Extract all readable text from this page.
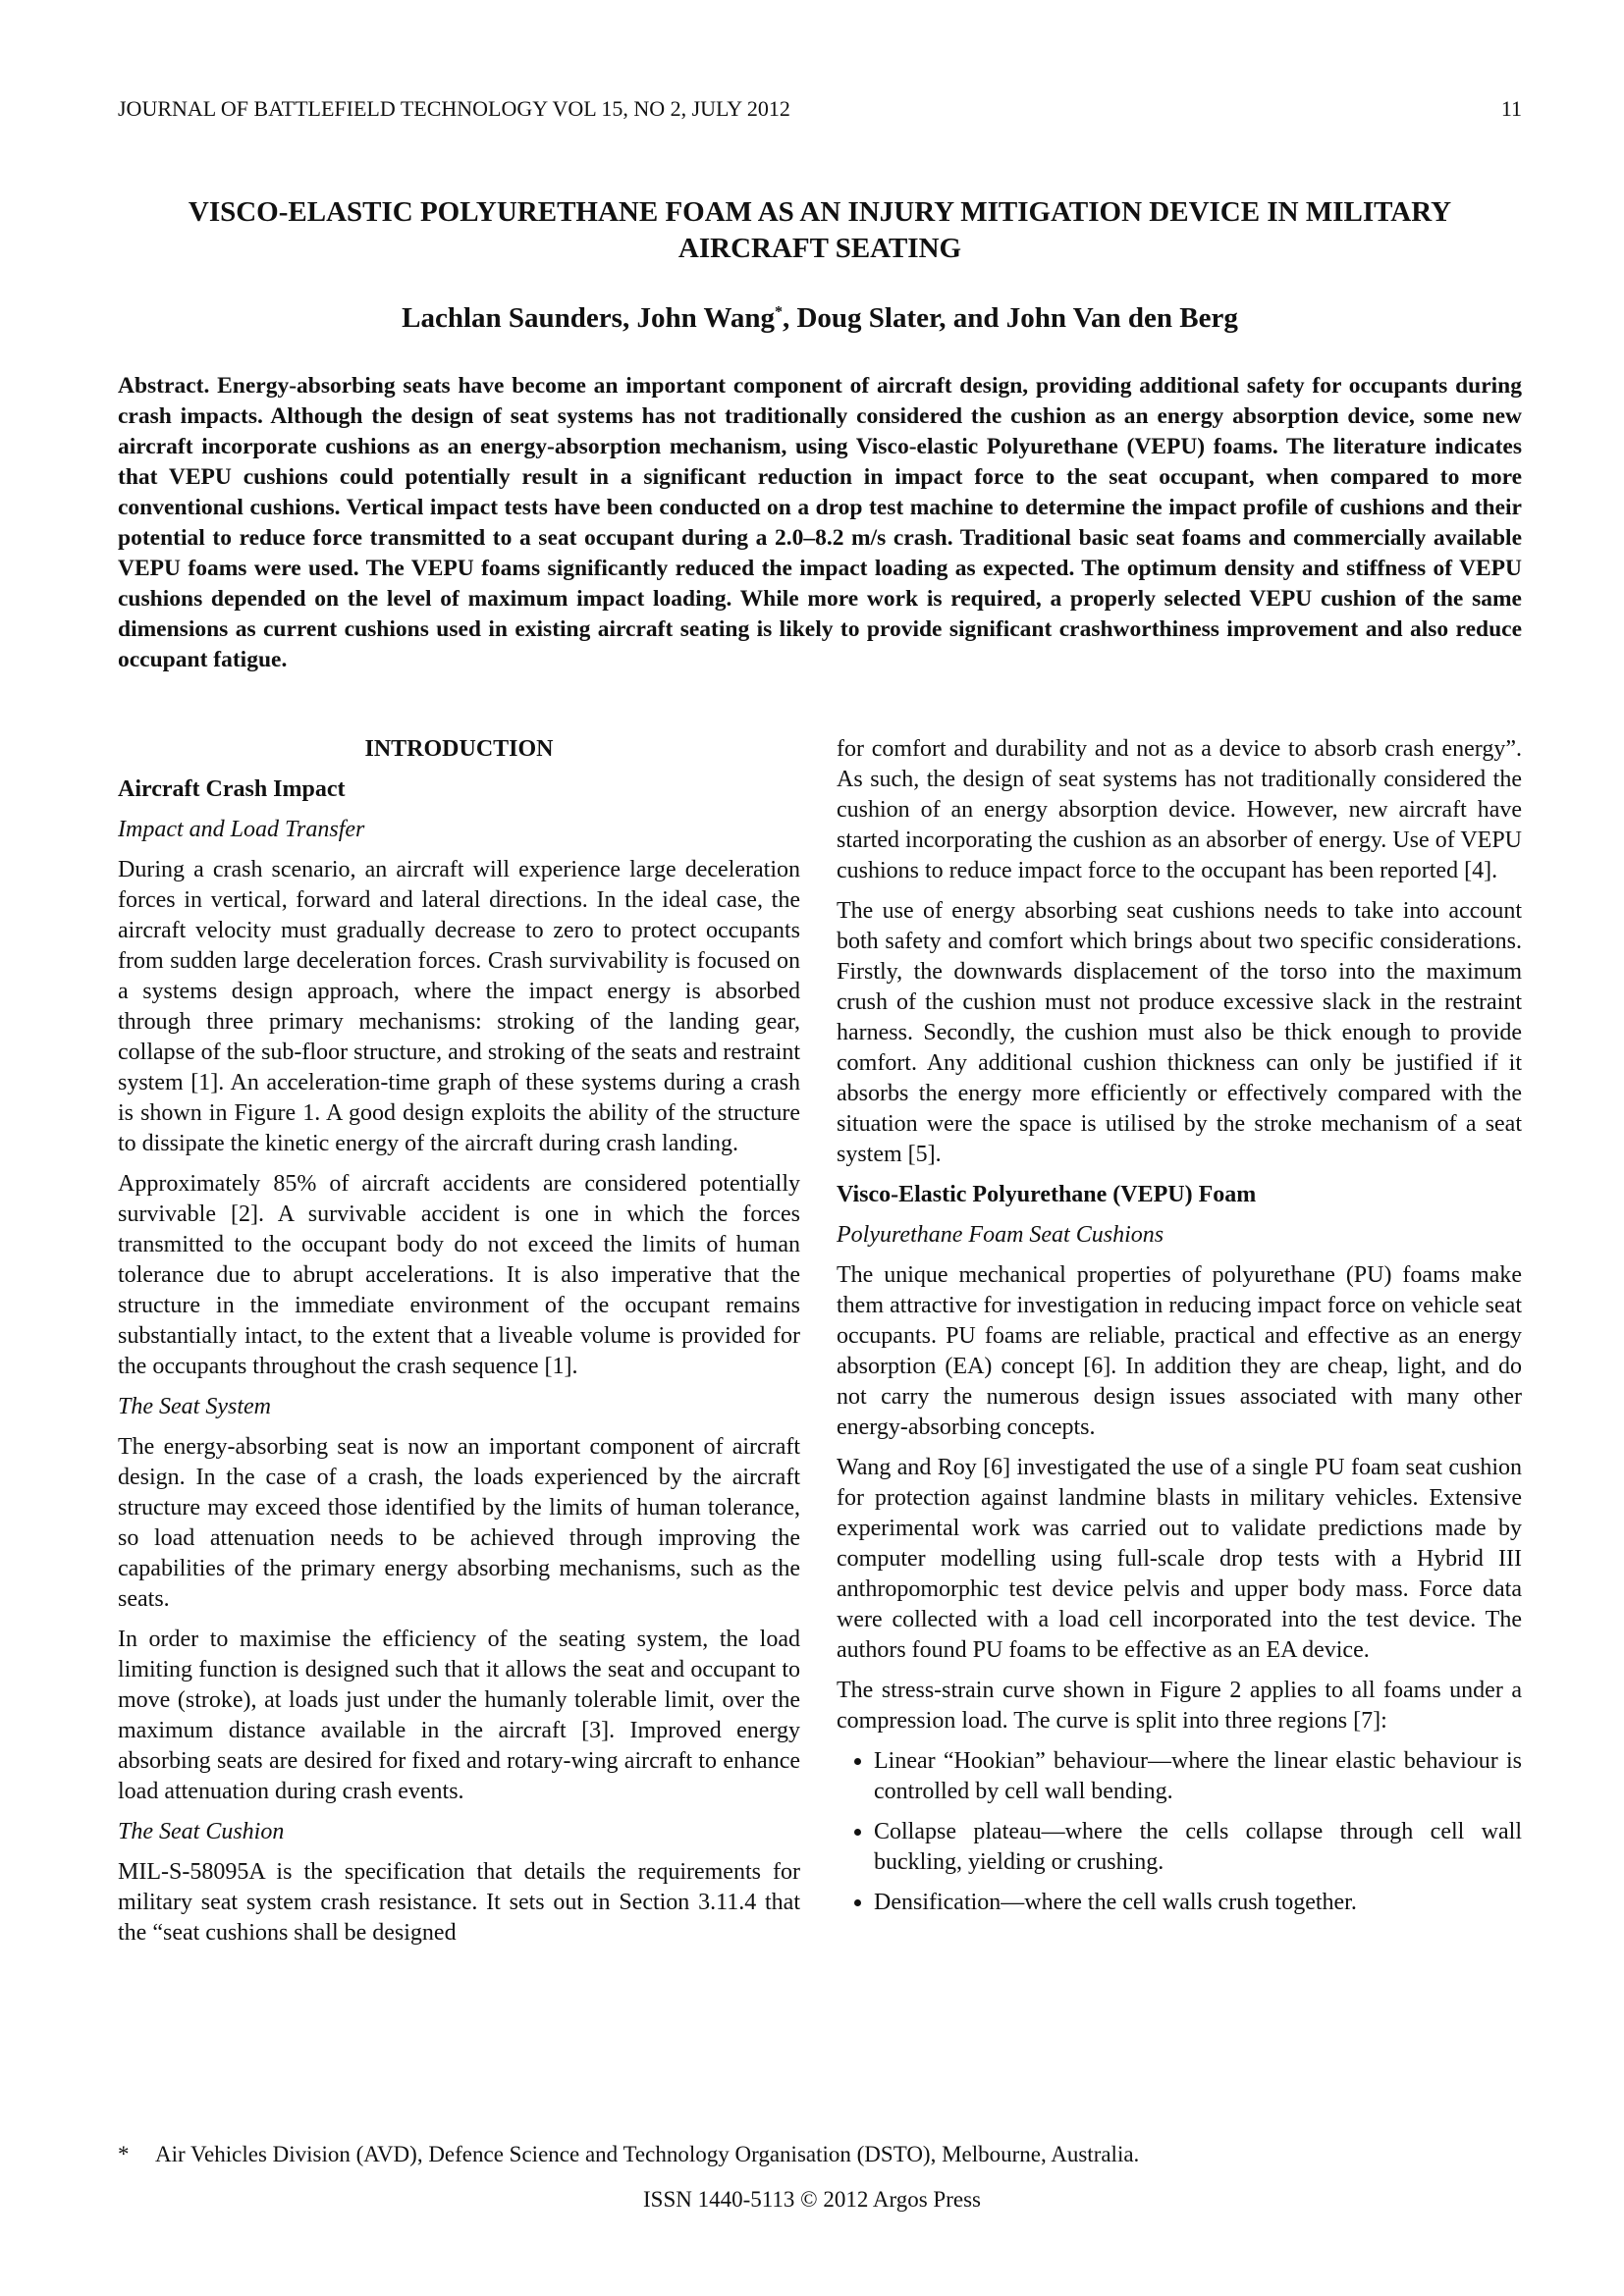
JOURNAL OF BATTLEFIELD TECHNOLOGY VOL 15, NO 2, JULY 2012	11
VISCO-ELASTIC POLYURETHANE FOAM AS AN INJURY MITIGATION DEVICE IN MILITARY AIRCRAFT SEATING
Lachlan Saunders, John Wang*, Doug Slater, and John Van den Berg
Abstract. Energy-absorbing seats have become an important component of aircraft design, providing additional safety for occupants during crash impacts. Although the design of seat systems has not traditionally considered the cushion as an energy absorption device, some new aircraft incorporate cushions as an energy-absorption mechanism, using Visco-elastic Polyurethane (VEPU) foams. The literature indicates that VEPU cushions could potentially result in a significant reduction in impact force to the seat occupant, when compared to more conventional cushions. Vertical impact tests have been conducted on a drop test machine to determine the impact profile of cushions and their potential to reduce force transmitted to a seat occupant during a 2.0–8.2 m/s crash. Traditional basic seat foams and commercially available VEPU foams were used. The VEPU foams significantly reduced the impact loading as expected. The optimum density and stiffness of VEPU cushions depended on the level of maximum impact loading. While more work is required, a properly selected VEPU cushion of the same dimensions as current cushions used in existing aircraft seating is likely to provide significant crashworthiness improvement and also reduce occupant fatigue.
INTRODUCTION
Aircraft Crash Impact
Impact and Load Transfer

During a crash scenario, an aircraft will experience large deceleration forces in vertical, forward and lateral directions. In the ideal case, the aircraft velocity must gradually decrease to zero to protect occupants from sudden large deceleration forces. Crash survivability is focused on a systems design approach, where the impact energy is absorbed through three primary mechanisms: stroking of the landing gear, collapse of the sub-floor structure, and stroking of the seats and restraint system [1]. An acceleration-time graph of these systems during a crash is shown in Figure 1. A good design exploits the ability of the structure to dissipate the kinetic energy of the aircraft during crash landing.

Approximately 85% of aircraft accidents are considered potentially survivable [2]. A survivable accident is one in which the forces transmitted to the occupant body do not exceed the limits of human tolerance due to abrupt accelerations. It is also imperative that the structure in the immediate environment of the occupant remains substantially intact, to the extent that a liveable volume is provided for the occupants throughout the crash sequence [1].

The Seat System

The energy-absorbing seat is now an important component of aircraft design. In the case of a crash, the loads experienced by the aircraft structure may exceed those identified by the limits of human tolerance, so load attenuation needs to be achieved through improving the capabilities of the primary energy absorbing mechanisms, such as the seats.

In order to maximise the efficiency of the seating system, the load limiting function is designed such that it allows the seat and occupant to move (stroke), at loads just under the humanly tolerable limit, over the maximum distance available in the aircraft [3]. Improved energy absorbing seats are desired for fixed and rotary-wing aircraft to enhance load attenuation during crash events.

The Seat Cushion

MIL-S-58095A is the specification that details the requirements for military seat system crash resistance. It sets out in Section 3.11.4 that the “seat cushions shall be designed

for comfort and durability and not as a device to absorb crash energy”. As such, the design of seat systems has not traditionally considered the cushion of an energy absorption device. However, new aircraft have started incorporating the cushion as an absorber of energy. Use of VEPU cushions to reduce impact force to the occupant has been reported [4].

The use of energy absorbing seat cushions needs to take into account both safety and comfort which brings about two specific considerations. Firstly, the downwards displacement of the torso into the maximum crush of the cushion must not produce excessive slack in the restraint harness. Secondly, the cushion must also be thick enough to provide comfort. Any additional cushion thickness can only be justified if it absorbs the energy more efficiently or effectively compared with the situation were the space is utilised by the stroke mechanism of a seat system [5].

Visco-Elastic Polyurethane (VEPU) Foam
Polyurethane Foam Seat Cushions

The unique mechanical properties of polyurethane (PU) foams make them attractive for investigation in reducing impact force on vehicle seat occupants. PU foams are reliable, practical and effective as an energy absorption (EA) concept [6]. In addition they are cheap, light, and do not carry the numerous design issues associated with many other energy-absorbing concepts.

Wang and Roy [6] investigated the use of a single PU foam seat cushion for protection against landmine blasts in military vehicles. Extensive experimental work was carried out to validate predictions made by computer modelling using full-scale drop tests with a Hybrid III anthropomorphic test device pelvis and upper body mass. Force data were collected with a load cell incorporated into the test device. The authors found PU foams to be effective as an EA device.

The stress-strain curve shown in Figure 2 applies to all foams under a compression load. The curve is split into three regions [7]:

• Linear “Hookian” behaviour—where the linear elastic behaviour is controlled by cell wall bending.
• Collapse plateau—where the cells collapse through cell wall buckling, yielding or crushing.
• Densification—where the cell walls crush together.
* Air Vehicles Division (AVD), Defence Science and Technology Organisation (DSTO), Melbourne, Australia.
ISSN 1440-5113 © 2012 Argos Press
